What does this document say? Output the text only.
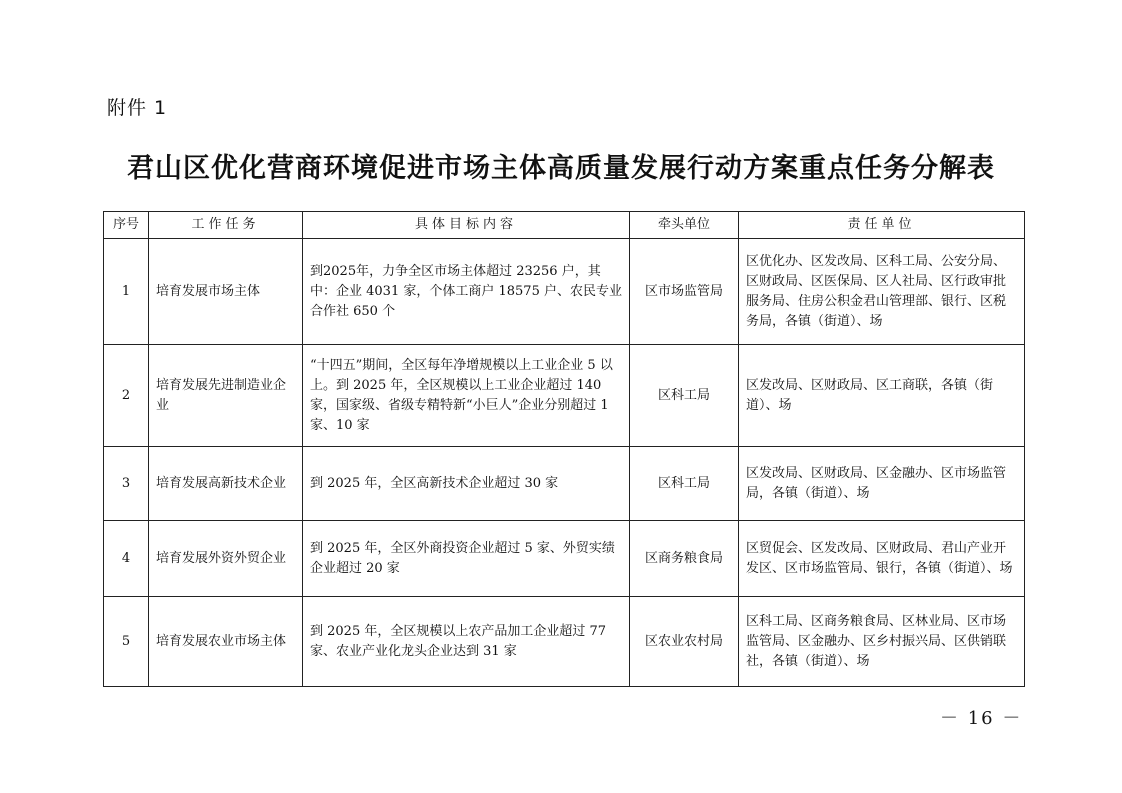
附件 1
君山区优化营商环境促进市场主体高质量发展行动方案重点任务分解表
序号	工作任务	具体目标内容	牵头单位	责任单位
1	培育发展市场主体	到2025年，力争全区市场主体超过 23256 户，其中：企业 4031 家，个体工商户 18575 户、农民专业合作社 650 个	区市场监管局	区优化办、区发改局、区科工局、公安分局、区财政局、区医保局、区人社局、区行政审批服务局、住房公积金君山管理部、银行、区税务局，各镇（街道）、场
2	培育发展先进制造业企业	“十四五”期间，全区每年净增规模以上工业企业 5 以上。到 2025 年，全区规模以上工业企业超过 140 家，国家级、省级专精特新“小巨人”企业分别超过 1 家、10 家	区科工局	区发改局、区财政局、区工商联，各镇（街道）、场
3	培育发展高新技术企业	到 2025 年，全区高新技术企业超过 30 家	区科工局	区发改局、区财政局、区金融办、区市场监管局，各镇（街道）、场
4	培育发展外资外贸企业	到 2025 年，全区外商投资企业超过 5 家、外贸实绩企业超过 20 家	区商务粮食局	区贸促会、区发改局、区财政局、君山产业开发区、区市场监管局、银行，各镇（街道）、场
5	培育发展农业市场主体	到 2025 年，全区规模以上农产品加工企业超过 77 家、农业产业化龙头企业达到 31 家	区农业农村局	区科工局、区商务粮食局、区林业局、区市场监管局、区金融办、区乡村振兴局、区供销联社，各镇（街道）、场
－ 16 －
